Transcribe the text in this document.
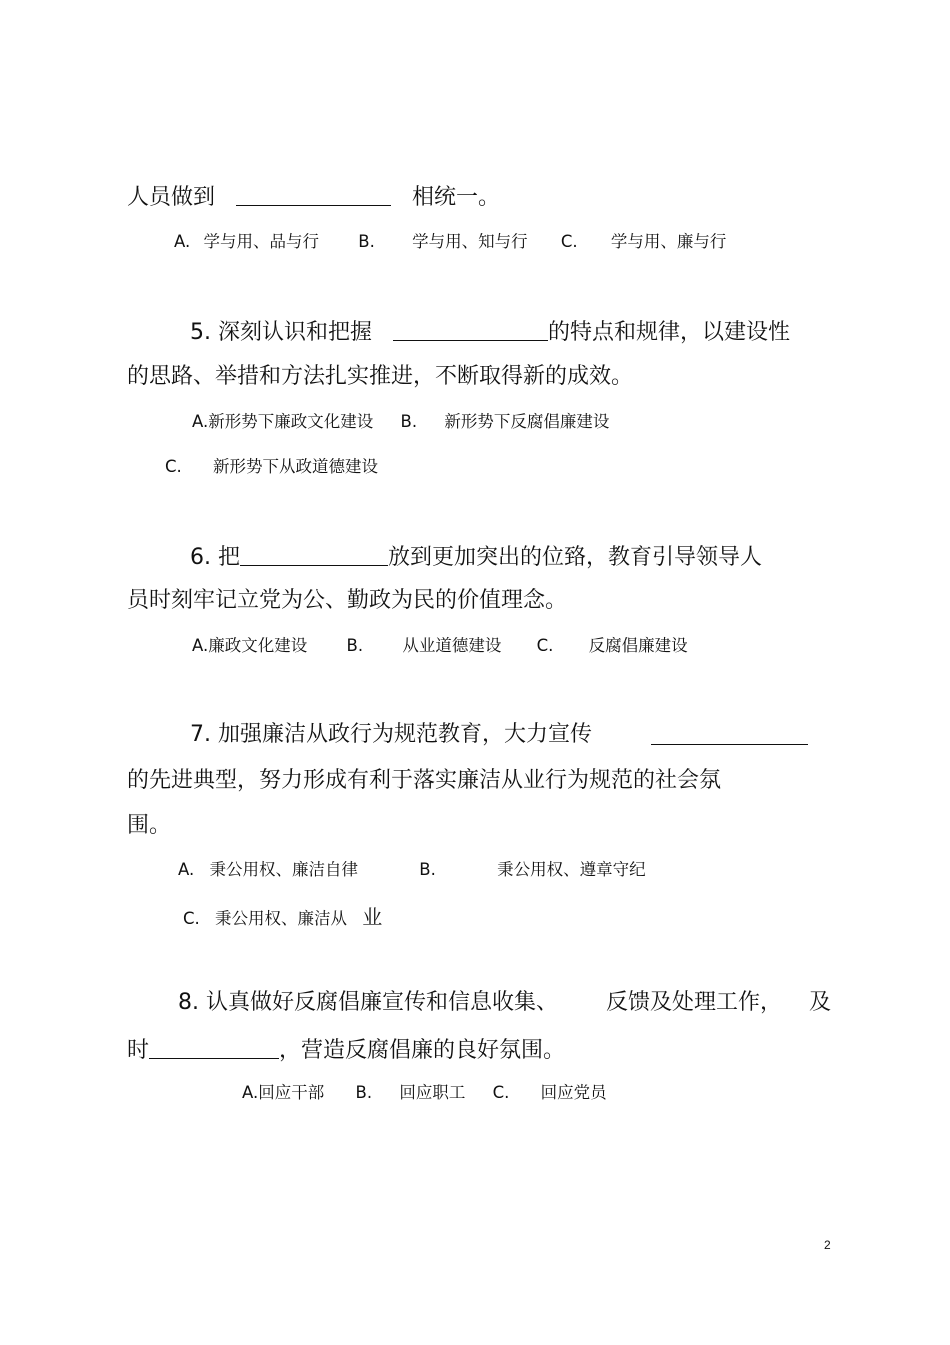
人员做到	相统一。
A. 学与用、品与行 B. 学与用、知与行 C. 学与用、廉与行
5. 深刻认识和把握	的特点和规律，以建设性
的思路、举措和方法扎实推进，不断取得新的成效。
A.新形势下廉政文化建设 B. 新形势下反腐倡廉建设
C. 新形势下从政道德建设
6. 把	放到更加突出的位臵，教育引导领导人
员时刻牢记立党为公、勤政为民的价值理念。
A.廉政文化建设 B. 从业道德建设 C. 反腐倡廉建设
7. 加强廉洁从政行为规范教育，大力宣传
的先进典型，努力形成有利于落实廉洁从业行为规范的社会氛
围。
A. 秉公用权、廉洁自律	B.	秉公用权、遵章守纪
C. 秉公用权、廉洁从 业
8. 认真做好反腐倡廉宣传和信息收集、 反馈及处理工作， 及
时	，营造反腐倡廉的良好氛围。
A.回应干部 B. 回应职工 C. 回应党员
2
